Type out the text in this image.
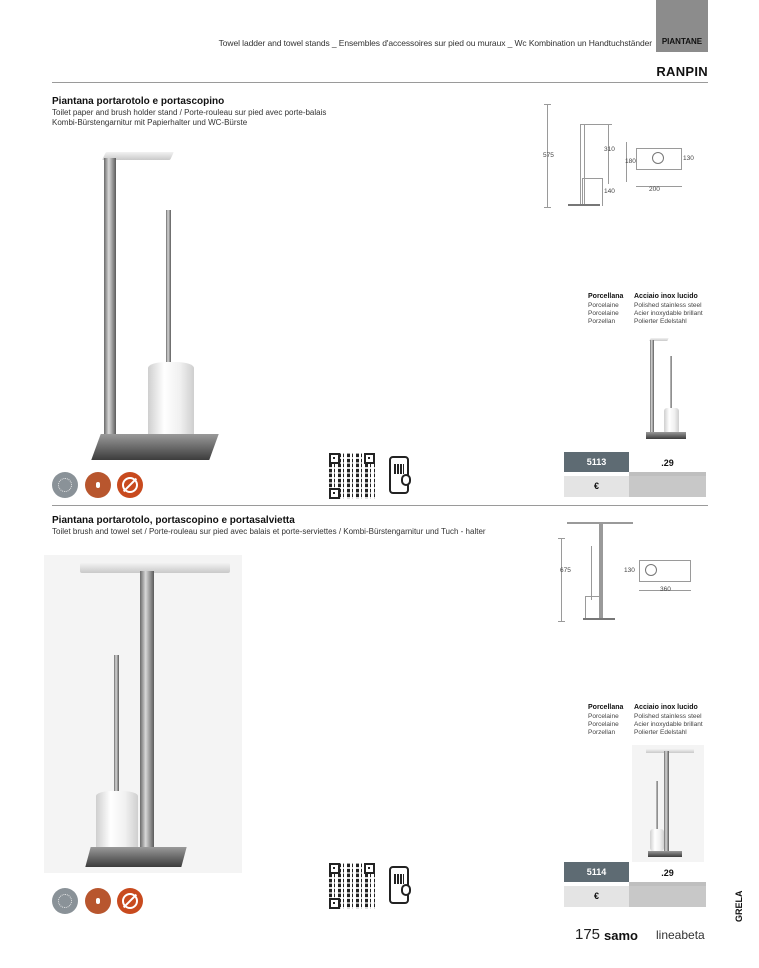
Towel ladder and towel stands _ Ensembles d'accessoires sur pied ou muraux _ Wc Kombination un Handtuchständer	PIANTANE
RANPIN
Piantana portarotolo e portascopino
Toilet paper and brush holder stand / Porte-rouleau sur pied avec porte-balais
Kombi-Bürstengarnitur mit Papierhalter und WC-Bürste
575
310
140
180	130
200
Porcellana
Porcelaine
Porcelaine
Porzellan
Acciaio inox lucido
Polished stainless steel
Acier inoxydable brillant
Polierter Edelstahl
5113	.29
€
Piantana portarotolo, portascopino e portasalvietta
Toilet brush and towel set / Porte-rouleau sur pied avec balais et porte-serviettes / Kombi-Bürstengarnitur und Tuch - halter
675	130
360
Porcellana
Porcelaine
Porcelaine
Porzellan
Acciaio inox lucido
Polished stainless steel
Acier inoxydable brillant
Polierter Edelstahl
5114	.29
€
175 samo lineabeta
GRELA
